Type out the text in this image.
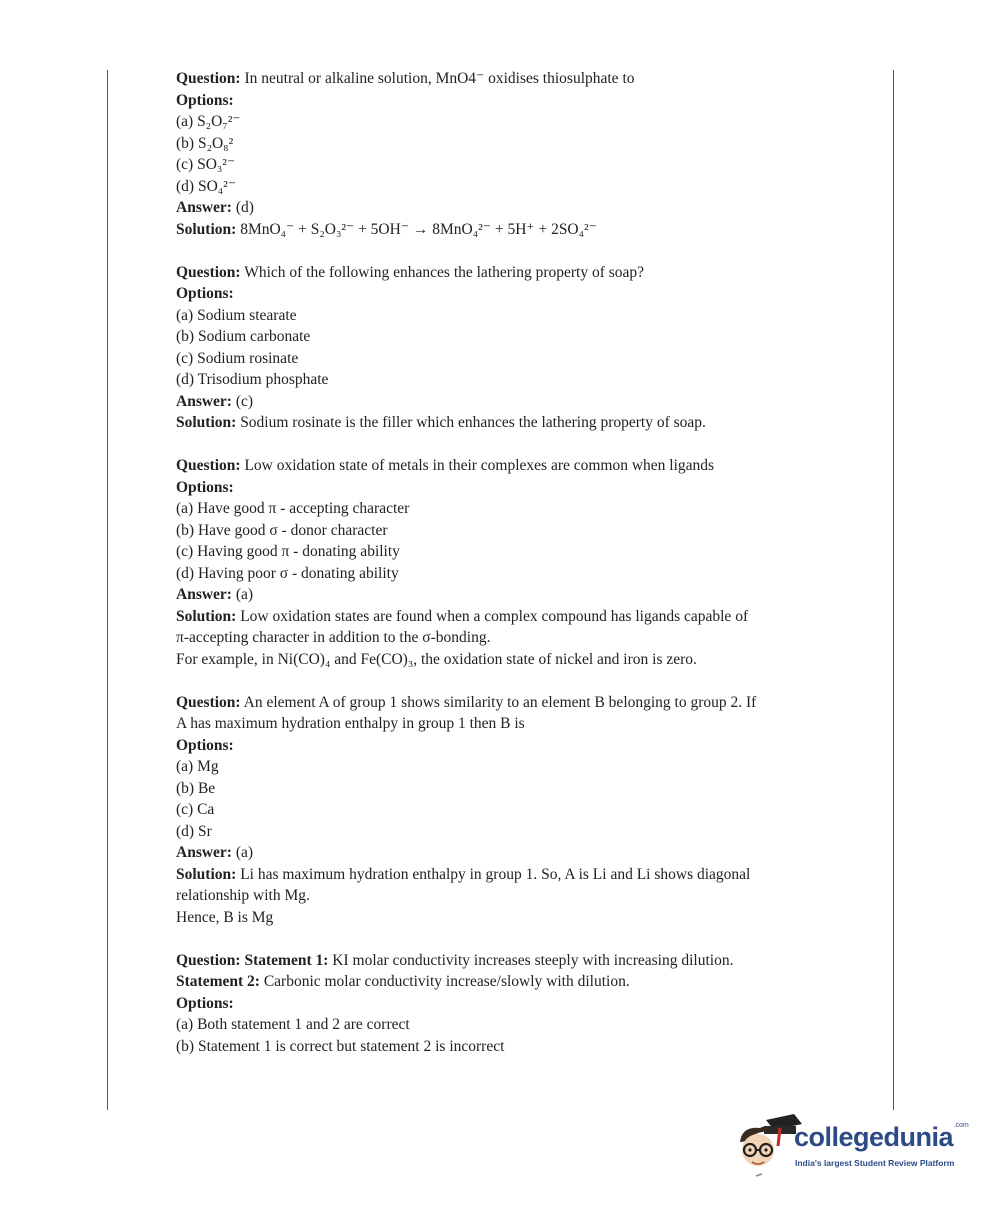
Question: In neutral or alkaline solution, MnO4⁻ oxidises thiosulphate to
Options:
(a) S₂O₇²⁻
(b) S₂O₈²
(c) SO₃²⁻
(d) SO₄²⁻
Answer: (d)
Solution: 8MnO₄⁻ + S₂O₃²⁻ + 5OH⁻ → 8MnO₄²⁻ + 5H⁺ + 2SO₄²⁻
Question: Which of the following enhances the lathering property of soap?
Options:
(a) Sodium stearate
(b) Sodium carbonate
(c) Sodium rosinate
(d) Trisodium phosphate
Answer: (c)
Solution: Sodium rosinate is the filler which enhances the lathering property of soap.
Question: Low oxidation state of metals in their complexes are common when ligands
Options:
(a) Have good π - accepting character
(b) Have good σ - donor character
(c) Having good π - donating ability
(d) Having poor σ - donating ability
Answer: (a)
Solution: Low oxidation states are found when a complex compound has ligands capable of
π-accepting character in addition to the σ-bonding.
For example, in Ni(CO)₄ and Fe(CO)₃, the oxidation state of nickel and iron is zero.
Question: An element A of group 1 shows similarity to an element B belonging to group 2. If
A has maximum hydration enthalpy in group 1 then B is
Options:
(a) Mg
(b) Be
(c) Ca
(d) Sr
Answer: (a)
Solution: Li has maximum hydration enthalpy in group 1. So, A is Li and Li shows diagonal
relationship with Mg.
Hence, B is Mg
Question: Statement 1: KI molar conductivity increases steeply with increasing dilution.
Statement 2: Carbonic molar conductivity increase/slowly with dilution.
Options:
(a) Both statement 1 and 2 are correct
(b) Statement 1 is correct but statement 2 is incorrect
collegedunia$^{.com}$
India's largest Student Review Platform
